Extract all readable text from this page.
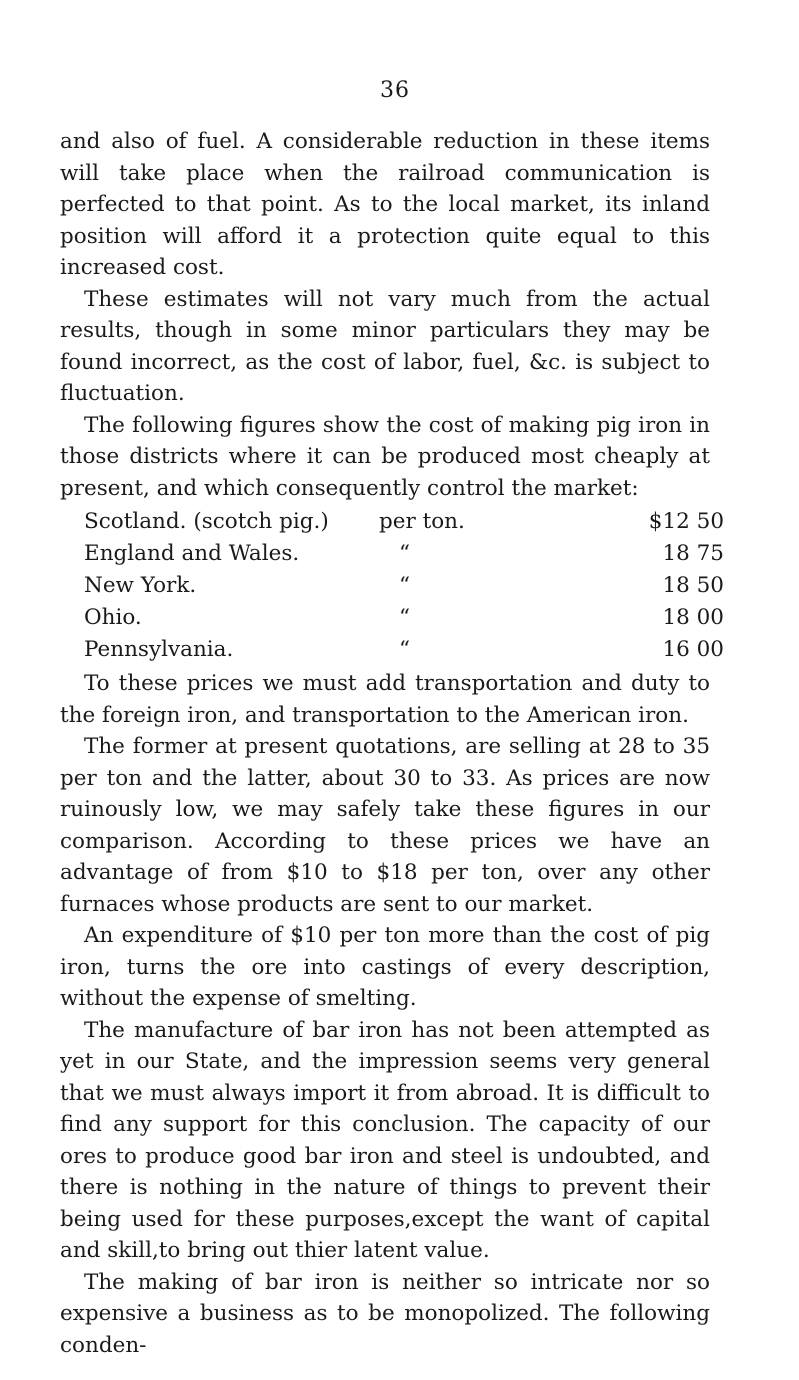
36

and also of fuel. A considerable reduction in these items will take place when the railroad communication is perfected to that point. As to the local market, its inland position will afford it a protection quite equal to this increased cost.

These estimates will not vary much from the actual results, though in some minor particulars they may be found incorrect, as the cost of labor, fuel, &c. is subject to fluctuation.

The following figures show the cost of making pig iron in those districts where it can be produced most cheaply at present, and which consequently control the market:

Scotland. (scotch pig.)	per ton.	$12 50
England and Wales.	“	18 75
New York.	“	18 50
Ohio.	“	18 00
Pennsylvania.	“	16 00

To these prices we must add transportation and duty to the foreign iron, and transportation to the American iron.

The former at present quotations, are selling at 28 to 35 per ton and the latter, about 30 to 33. As prices are now ruinously low, we may safely take these figures in our comparison. According to these prices we have an advantage of from $10 to $18 per ton, over any other furnaces whose products are sent to our market.

An expenditure of $10 per ton more than the cost of pig iron, turns the ore into castings of every description, without the expense of smelting.

The manufacture of bar iron has not been attempted as yet in our State, and the impression seems very general that we must always import it from abroad. It is difficult to find any support for this conclusion. The capacity of our ores to produce good bar iron and steel is undoubted, and there is nothing in the nature of things to prevent their being used for these purposes,except the want of capital and skill,to bring out thier latent value.

The making of bar iron is neither so intricate nor so expensive a business as to be monopolized. The following conden-
